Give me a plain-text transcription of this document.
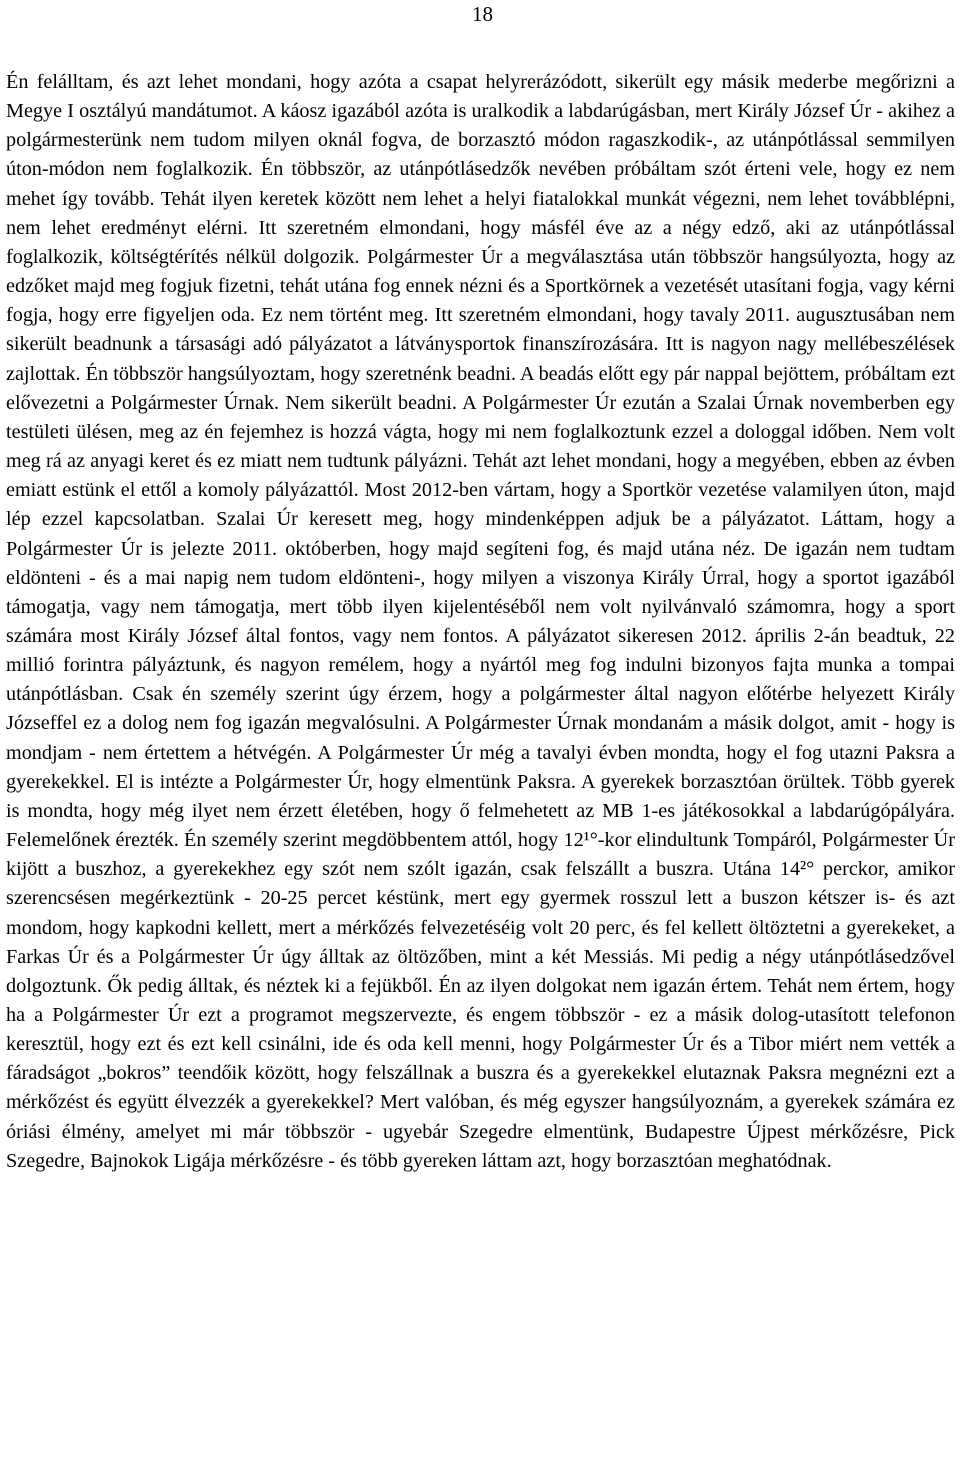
18

Én felálltam, és azt lehet mondani, hogy azóta a csapat helyrerázódott, sikerült egy másik mederbe megőrizni a Megye I osztályú mandátumot. A káosz igazából azóta is uralkodik a labdarúgásban, mert Király József Úr - akihez a polgármesterünk nem tudom milyen oknál fogva, de borzasztó módon ragaszkodik-, az utánpótlással semmilyen úton-módon nem foglalkozik. Én többször, az utánpótlásedzők nevében próbáltam szót érteni vele, hogy ez nem mehet így tovább. Tehát ilyen keretek között nem lehet a helyi fiatalokkal munkát végezni, nem lehet továbblépni, nem lehet eredményt elérni. Itt szeretném elmondani, hogy másfél éve az a négy edző, aki az utánpótlással foglalkozik, költségtérítés nélkül dolgozik. Polgármester Úr a megválasztása után többször hangsúlyozta, hogy az edzőket majd meg fogjuk fizetni, tehát utána fog ennek nézni és a Sportkörnek a vezetését utasítani fogja, vagy kérni fogja, hogy erre figyeljen oda. Ez nem történt meg. Itt szeretném elmondani, hogy tavaly 2011. augusztusában nem sikerült beadnunk a társasági adó pályázatot a látványsportok finanszírozására. Itt is nagyon nagy mellébeszélések zajlottak. Én többször hangsúlyoztam, hogy szeretnénk beadni. A beadás előtt egy pár nappal bejöttem, próbáltam ezt elővezetni a Polgármester Úrnak. Nem sikerült beadni. A Polgármester Úr ezután a Szalai Úrnak novemberben egy testületi ülésen, meg az én fejemhez is hozzá vágta, hogy mi nem foglalkoztunk ezzel a dologgal időben. Nem volt meg rá az anyagi keret és ez miatt nem tudtunk pályázni. Tehát azt lehet mondani, hogy a megyében, ebben az évben emiatt estünk el ettől a komoly pályázattól. Most 2012-ben vártam, hogy a Sportkör vezetése valamilyen úton, majd lép ezzel kapcsolatban. Szalai Úr keresett meg, hogy mindenképpen adjuk be a pályázatot. Láttam, hogy a Polgármester Úr is jelezte 2011. októberben, hogy majd segíteni fog, és majd utána néz. De igazán nem tudtam eldönteni - és a mai napig nem tudom eldönteni-, hogy milyen a viszonya Király Úrral, hogy a sportot igazából támogatja, vagy nem támogatja, mert több ilyen kijelentéséből nem volt nyilvánvaló számomra, hogy a sport számára most Király József által fontos, vagy nem fontos. A pályázatot sikeresen 2012. április 2-án beadtuk, 22 millió forintra pályáztunk, és nagyon remélem, hogy a nyártól meg fog indulni bizonyos fajta munka a tompai utánpótlásban. Csak én személy szerint úgy érzem, hogy a polgármester által nagyon előtérbe helyezett Király Józseffel ez a dolog nem fog igazán megvalósulni. A Polgármester Úrnak mondanám a másik dolgot, amit - hogy is mondjam - nem értettem a hétvégén. A Polgármester Úr még a tavalyi évben mondta, hogy el fog utazni Paksra a gyerekekkel. El is intézte a Polgármester Úr, hogy elmentünk Paksra. A gyerekek borzasztóan örültek. Több gyerek is mondta, hogy még ilyet nem érzett életében, hogy ő felmehetett az MB 1-es játékosokkal a labdarúgópályára. Felemelőnek érezték. Én személy szerint megdöbbentem attól, hogy 12¹°-kor elindultunk Tompáról, Polgármester Úr kijött a buszhoz, a gyerekekhez egy szót nem szólt igazán, csak felszállt a buszra. Utána 14²° perckor, amikor szerencsésen megérkeztünk - 20-25 percet késtünk, mert egy gyermek rosszul lett a buszon kétszer is- és azt mondom, hogy kapkodni kellett, mert a mérkőzés felvezetéséig volt 20 perc, és fel kellett öltöztetni a gyerekeket, a Farkas Úr és a Polgármester Úr úgy álltak az öltözőben, mint a két Messiás. Mi pedig a négy utánpótlásedzővel dolgoztunk. Ők pedig álltak, és néztek ki a fejükből. Én az ilyen dolgokat nem igazán értem. Tehát nem értem, hogy ha a Polgármester Úr ezt a programot megszervezte, és engem többször - ez a másik dolog-utasított telefonon keresztül, hogy ezt és ezt kell csinálni, ide és oda kell menni, hogy Polgármester Úr és a Tibor miért nem vették a fáradságot „bokros” teendőik között, hogy felszállnak a buszra és a gyerekekkel elutaznak Paksra megnézni ezt a mérkőzést és együtt élvezzék a gyerekekkel? Mert valóban, és még egyszer hangsúlyoznám, a gyerekek számára ez óriási élmény, amelyet mi már többször - ugyebár Szegedre elmentünk, Budapestre Újpest mérkőzésre, Pick Szegedre, Bajnokok Ligája mérkőzésre - és több gyereken láttam azt, hogy borzasztóan meghatódnak.
